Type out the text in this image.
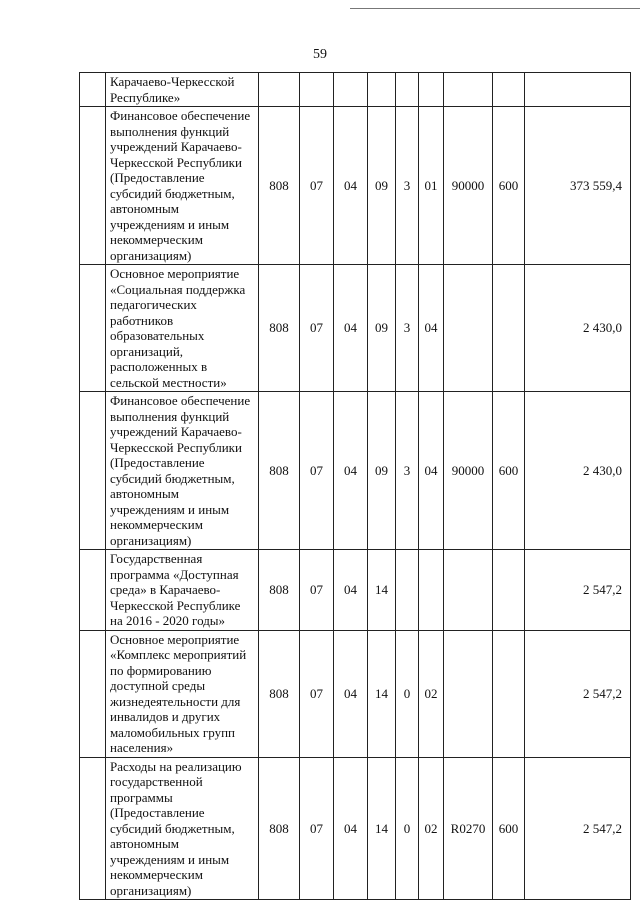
59
	Карачаево-Черкесской Республике»									
	Финансовое обеспечение выполнения функций учреждений Карачаево-Черкесской Республики (Предоставление субсидий бюджетным, автономным учреждениям и иным некоммерческим организациям)	808	07	04	09	3	01	90000	600	373 559,4
	Основное мероприятие «Социальная поддержка педагогических работников образовательных организаций, расположенных в сельской местности»	808	07	04	09	3	04			2 430,0
	Финансовое обеспечение выполнения функций учреждений Карачаево-Черкесской Республики (Предоставление субсидий бюджетным, автономным учреждениям и иным некоммерческим организациям)	808	07	04	09	3	04	90000	600	2 430,0
	Государственная программа «Доступная среда» в Карачаево-Черкесской Республике на 2016 - 2020 годы»	808	07	04	14					2 547,2
	Основное мероприятие «Комплекс мероприятий по формированию доступной среды жизнедеятельности для инвалидов и других маломобильных групп населения»	808	07	04	14	0	02			2 547,2
	Расходы на реализацию государственной программы (Предоставление субсидий бюджетным, автономным учреждениям и иным некоммерческим организациям)	808	07	04	14	0	02	R0270	600	2 547,2
